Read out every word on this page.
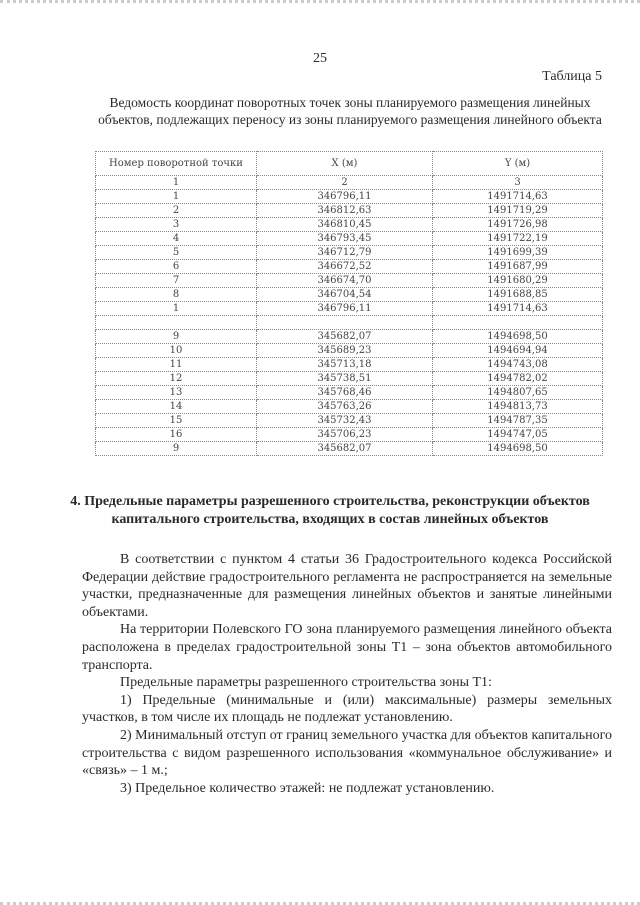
25
Таблица 5
Ведомость координат поворотных точек зоны планируемого размещения линейных объектов, подлежащих переносу из зоны планируемого размещения линейного объекта
Номер поворотной точки	X (м)	Y (м)
1	2	3
1	346796,11	1491714,63
2	346812,63	1491719,29
3	346810,45	1491726,98
4	346793,45	1491722,19
5	346712,79	1491699,39
6	346672,52	1491687,99
7	346674,70	1491680,29
8	346704,54	1491688,85
1	346796,11	1491714,63

9	345682,07	1494698,50
10	345689,23	1494694,94
11	345713,18	1494743,08
12	345738,51	1494782,02
13	345768,46	1494807,65
14	345763,26	1494813,73
15	345732,43	1494787,35
16	345706,23	1494747,05
9	345682,07	1494698,50
4. Предельные параметры разрешенного строительства, реконструкции объектов капитального строительства, входящих в состав линейных объектов

В соответствии с пунктом 4 статьи 36 Градостроительного кодекса Российской Федерации действие градостроительного регламента не распространяется на земельные участки, предназначенные для размещения линейных объектов и занятые линейными объектами.

На территории Полевского ГО зона планируемого размещения линейного объекта расположена в пределах градостроительной зоны Т1 – зона объектов автомобильного транспорта.

Предельные параметры разрешенного строительства зоны Т1:

1) Предельные (минимальные и (или) максимальные) размеры земельных участков, в том числе их площадь не подлежат установлению.

2) Минимальный отступ от границ земельного участка для объектов капитального строительства с видом разрешенного использования «коммунальное обслуживание» и «связь» – 1 м.;

3) Предельное количество этажей: не подлежат установлению.
